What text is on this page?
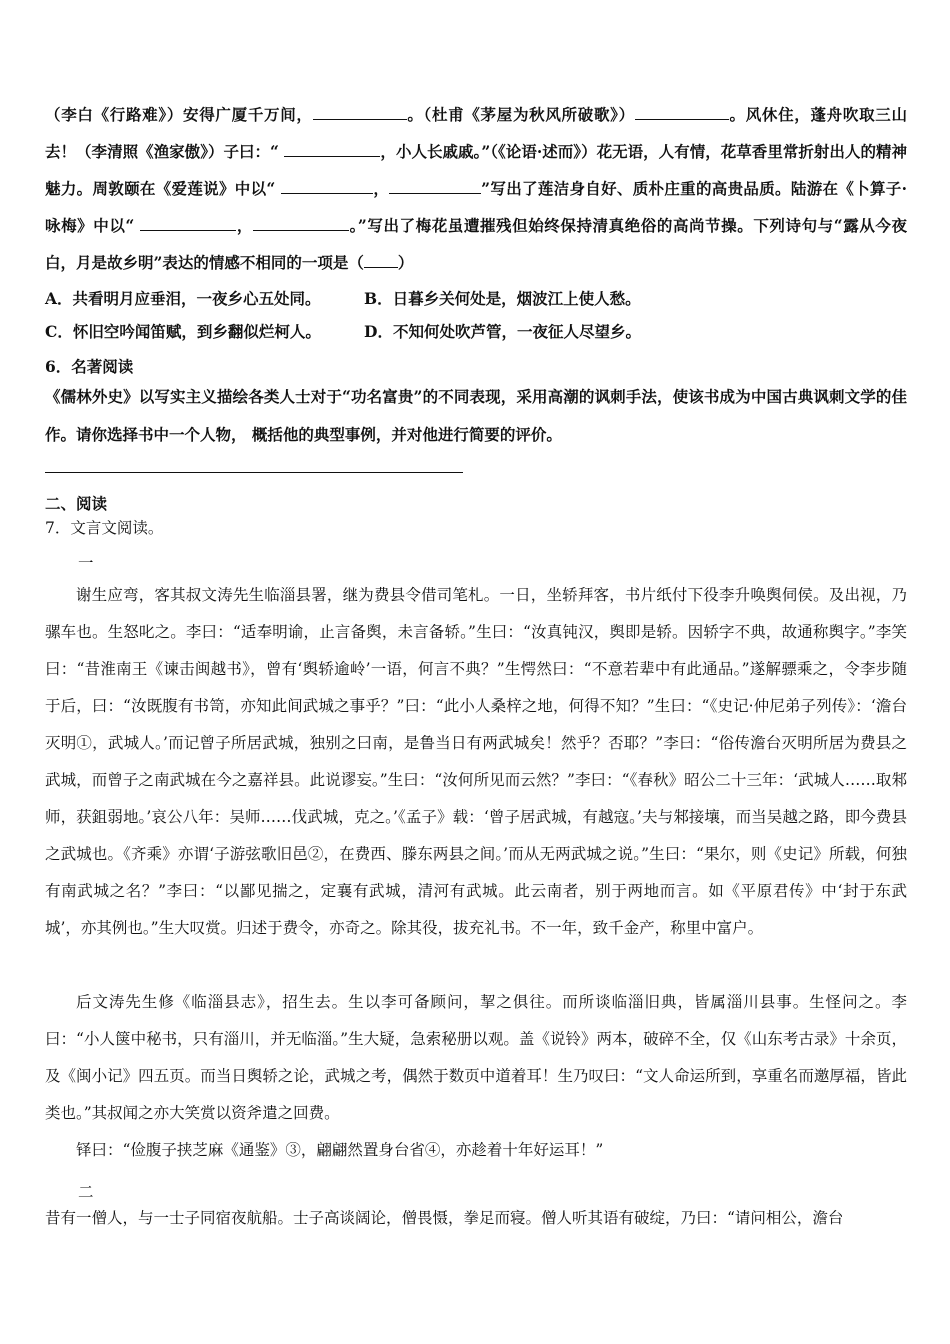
（李白《行路难》）安得广厦千万间，	。（杜甫《茅屋为秋风所破歌》）	。风休住，蓬舟吹取三山去！（李清照《渔家傲》）子曰：“	，小人长戚戚。”（《论语·述而》）花无语，人有情，花草香里常折射出人的精神魅力。周敦颐在《爱莲说》中以“	，	”写出了莲洁身自好、质朴庄重的高贵品质。陆游在《卜算子·咏梅》中以“	，	。”写出了梅花虽遭摧残但始终保持清真绝俗的高尚节操。下列诗句与“露从今夜白，月是故乡明”表达的情感不相同的一项是（ ）

A．共看明月应垂泪，一夜乡心五处同。	B．日暮乡关何处是，烟波江上使人愁。
C．怀旧空吟闻笛赋，到乡翻似烂柯人。	D．不知何处吹芦管，一夜征人尽望乡。
6．名著阅读

《儒林外史》以写实主义描绘各类人士对于“功名富贵”的不同表现，采用高潮的讽刺手法，使该书成为中国古典讽刺文学的佳作。请你选择书中一个人物， 概括他的典型事例，并对他进行简要的评价。

二、阅读
7．文言文阅读。
一

谢生应弯，客其叔文涛先生临淄县署，继为费县令借司笔札。一日，坐轿拜客，书片纸付下役李升唤舆伺侯。及出视，乃骡车也。生怒叱之。李曰：“适奉明谕，止言备舆，未言备轿。”生曰：“汝真钝汉，舆即是轿。因轿字不典，故通称舆字。”李笑曰：“昔淮南王《谏击闽越书》，曾有‘舆轿逾岭’一语，何言不典？”生愕然曰：“不意若辈中有此通品。”遂解骠乘之，令李步随于后，曰：“汝既腹有书笥，亦知此间武城之事乎？”曰：“此小人桑梓之地，何得不知？”生曰：“《史记·仲尼弟子列传》：‘澹台灭明①，武城人。’而记曾子所居武城，独别之曰南，是鲁当日有两武城矣！然乎？否耶？”李曰：“俗传澹台灭明所居为费县之武城，而曾子之南武城在今之嘉祥县。此说谬妄。”生曰：“汝何所见而云然？”李曰：“《春秋》昭公二十三年：‘武城人……取邾师，获鉏弱地。’哀公八年：吴师……伐武城，克之。’《孟子》载：‘曾子居武城，有越寇。’夫与邾接壤，而当吴越之路，即今费县之武城也。《齐乘》亦谓‘子游弦歌旧邑②，在费西、滕东两县之间。’而从无两武城之说。”生曰：“果尔，则《史记》所载，何独有南武城之名？”李曰：“以鄙见揣之，定襄有武城，清河有武城。此云南者，别于两地而言。如《平原君传》中‘封于东武城’，亦其例也。”生大叹赏。归述于费令，亦奇之。除其役，拔充礼书。不一年，致千金产，称里中富户。

后文涛先生修《临淄县志》，招生去。生以李可备顾问，挈之俱往。而所谈临淄旧典，皆属淄川县事。生怪问之。李曰：“小人箧中秘书，只有淄川，并无临淄。”生大疑，急索秘册以观。盖《说铃》两本，破碎不全，仅《山东考古录》十余页，及《闽小记》四五页。而当日舆轿之论，武城之考，偶然于数页中道着耳！生乃叹曰：“文人命运所到，享重名而邀厚福，皆此类也。”其叔闻之亦大笑赏以资斧遣之回费。

铎曰：“俭腹子挟芝麻《通鉴》③，翩翩然置身台省④，亦趁着十年好运耳！”

二

昔有一僧人，与一士子同宿夜航船。士子高谈阔论，僧畏慑，拳足而寝。僧人听其语有破绽，乃曰：“请问相公，澹台
